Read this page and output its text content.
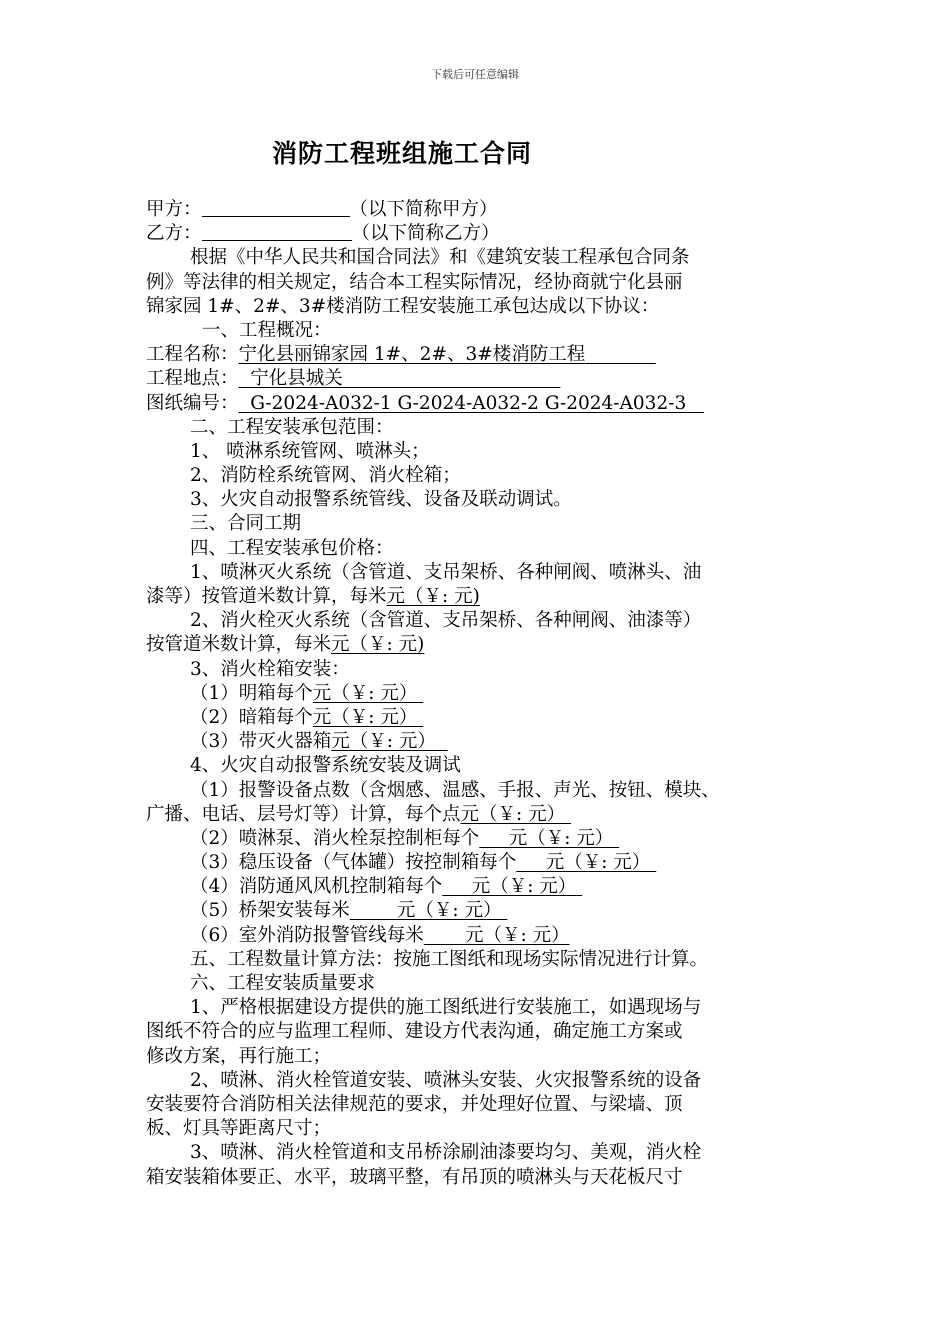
下载后可任意编辑
消防工程班组施工合同
甲方：	（以下简称甲方）
乙方：	（以下简称乙方）
根据《中华人民共和国合同法》和《建筑安装工程承包合同条
例》等法律的相关规定，结合本工程实际情况，经协商就宁化县丽
锦家园 1#、2#、3#楼消防工程安装施工承包达成以下协议：
一、工程概况：
工程名称：宁化县丽锦家园 1#、2#、3#楼消防工程
工程地点： 宁化县城关
图纸编号： G-2024-A032-1 G-2024-A032-2 G-2024-A032-3
二、工程安装承包范围：
1、 喷淋系统管网、喷淋头；
2、消防栓系统管网、消火栓箱；
3、火灾自动报警系统管线、设备及联动调试。
三、合同工期
四、工程安装承包价格：
1、喷淋灭火系统（含管道、支吊架桥、各种闸阀、喷淋头、油
漆等）按管道米数计算，每米元（￥: 元)
2、消火栓灭火系统（含管道、支吊架桥、各种闸阀、油漆等）
按管道米数计算，每米元（￥: 元)
3、消火栓箱安装：
（1）明箱每个元（￥: 元）
（2）暗箱每个元（￥: 元）
（3）带灭火器箱元（￥: 元）
4、火灾自动报警系统安装及调试
（1）报警设备点数（含烟感、温感、手报、声光、按钮、模块、
广播、电话、层号灯等）计算，每个点元（￥: 元）
（2）喷淋泵、消火栓泵控制柜每个 元（￥: 元）
（3）稳压设备（气体罐）按控制箱每个 元（￥: 元）
（4）消防通风风机控制箱每个 元（￥: 元）
（5）桥架安装每米	元（￥: 元）
（6）室外消防报警管线每米 元（￥: 元）
五、工程数量计算方法：按施工图纸和现场实际情况进行计算。
六、工程安装质量要求
1、严格根据建设方提供的施工图纸进行安装施工，如遇现场与
图纸不符合的应与监理工程师、建设方代表沟通，确定施工方案或
修改方案，再行施工；
2、喷淋、消火栓管道安装、喷淋头安装、火灾报警系统的设备
安装要符合消防相关法律规范的要求，并处理好位置、与梁墙、顶
板、灯具等距离尺寸；
3、喷淋、消火栓管道和支吊桥涂刷油漆要均匀、美观，消火栓
箱安装箱体要正、水平，玻璃平整，有吊顶的喷淋头与天花板尺寸
